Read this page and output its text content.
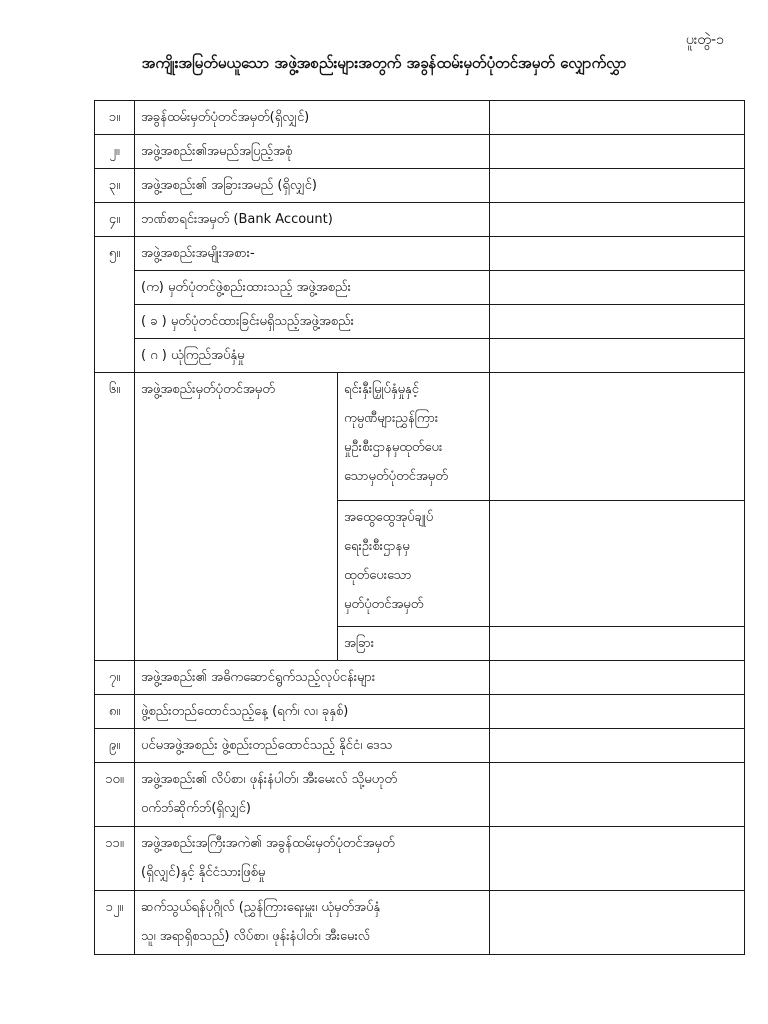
ပူးတွဲ-၁
အကျိုးအမြတ်မယူသော အဖွဲ့အစည်းများအတွက် အခွန်ထမ်းမှတ်ပုံတင်အမှတ် လျှောက်လွှာ
၁။	အခွန်ထမ်းမှတ်ပုံတင်အမှတ်(ရှိလျှင်)		
၂။	အဖွဲ့အစည်း၏အမည်အပြည့်အစုံ		
၃။	အဖွဲ့အစည်း၏ အခြားအမည် (ရှိလျှင်)		
၄။	ဘဏ်စာရင်းအမှတ် (Bank Account)		
၅။	အဖွဲ့အစည်းအမျိုးအစား-		
	(က) မှတ်ပုံတင်ဖွဲ့စည်းထားသည့် အဖွဲ့အစည်း		
	( ခ ) မှတ်ပုံတင်ထားခြင်းမရှိသည့်အဖွဲ့အစည်း		
	( ဂ ) ယုံကြည်အပ်နှံမှု		
၆။	အဖွဲ့အစည်းမှတ်ပုံတင်အမှတ်	ရင်းနှီးမြှုပ်နှံမှုနှင့်
ကုမ္ပဏီများညွှန်ကြား
မှုဦးစီးဌာနမှထုတ်ပေး
သောမှတ်ပုံတင်အမှတ်	

		အထွေထွေအုပ်ချုပ်
ရေးဦးစီးဌာနမှ
ထုတ်ပေးသော
မှတ်ပုံတင်အမှတ်	

		အခြား	

၇။	အဖွဲ့အစည်း၏ အဓိကဆောင်ရွက်သည့်လုပ်ငန်းများ		

၈။	ဖွဲ့စည်းတည်ထောင်သည့်နေ့ (ရက်၊ လ၊ ခုနှစ်)		

၉။	ပင်မအဖွဲ့အစည်း ဖွဲ့စည်းတည်ထောင်သည့် နိုင်ငံ၊ ဒေသ		

၁၀။	အဖွဲ့အစည်း၏ လိပ်စာ၊ ဖုန်းနံပါတ်၊ အီးမေးလ် သို့မဟုတ်
ဝက်ဘ်ဆိုက်ဘ်(ရှိလျှင်)		

၁၁။	အဖွဲ့အစည်းအကြီးအကဲ၏ အခွန်ထမ်းမှတ်ပုံတင်အမှတ်
(ရှိလျှင်)နှင့် နိုင်ငံသားဖြစ်မှု		

၁၂။	ဆက်သွယ်ရန်ပုဂ္ဂိုလ် (ညွှန်ကြားရေးမှူး၊ ယုံမှတ်အပ်နှံ
သူ၊ အရာရှိစသည်) လိပ်စာ၊ ဖုန်းနံပါတ်၊ အီးမေးလ်		
